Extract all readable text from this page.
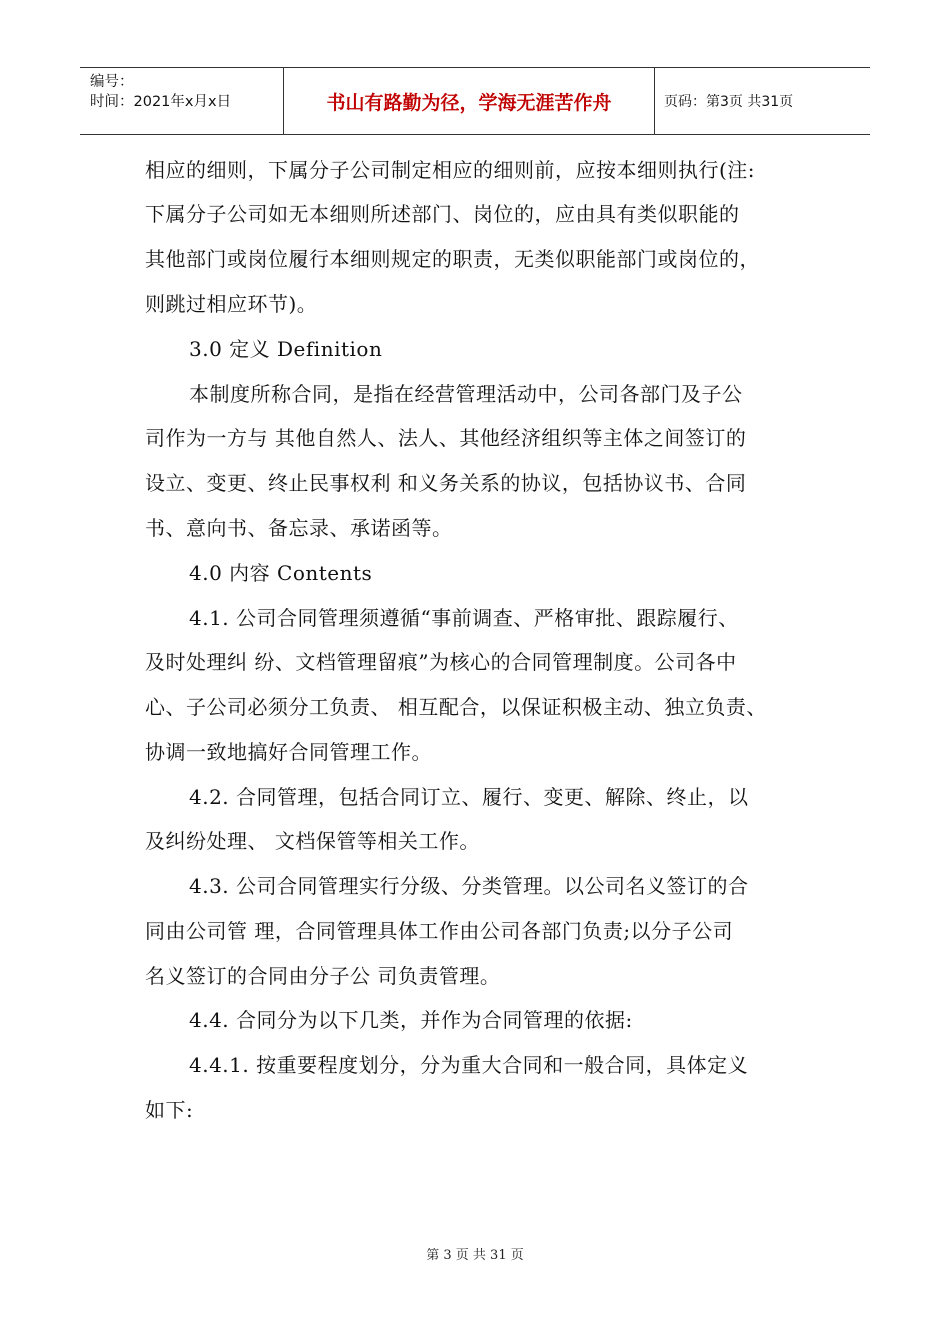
编号：
时间：2021年x月x日	书山有路勤为径，学海无涯苦作舟	页码：第3页 共31页
相应的细则，下属分子公司制定相应的细则前，应按本细则执行(注:
下属分子公司如无本细则所述部门、岗位的，应由具有类似职能的
其他部门或岗位履行本细则规定的职责，无类似职能部门或岗位的，
则跳过相应环节)。
3.0 定义 Definition
本制度所称合同，是指在经营管理活动中，公司各部门及子公
司作为一方与 其他自然人、法人、其他经济组织等主体之间签订的
设立、变更、终止民事权利 和义务关系的协议，包括协议书、合同
书、意向书、备忘录、承诺函等。
4.0 内容 Contents
4.1. 公司合同管理须遵循“事前调查、严格审批、跟踪履行、
及时处理纠 纷、文档管理留痕”为核心的合同管理制度。公司各中
心、子公司必须分工负责、 相互配合，以保证积极主动、独立负责、
协调一致地搞好合同管理工作。
4.2. 合同管理，包括合同订立、履行、变更、解除、终止，以
及纠纷处理、 文档保管等相关工作。
4.3. 公司合同管理实行分级、分类管理。以公司名义签订的合
同由公司管 理，合同管理具体工作由公司各部门负责;以分子公司
名义签订的合同由分子公 司负责管理。
4.4. 合同分为以下几类，并作为合同管理的依据:
4.4.1. 按重要程度划分，分为重大合同和一般合同，具体定义
如下:
第 3 页 共 31 页
